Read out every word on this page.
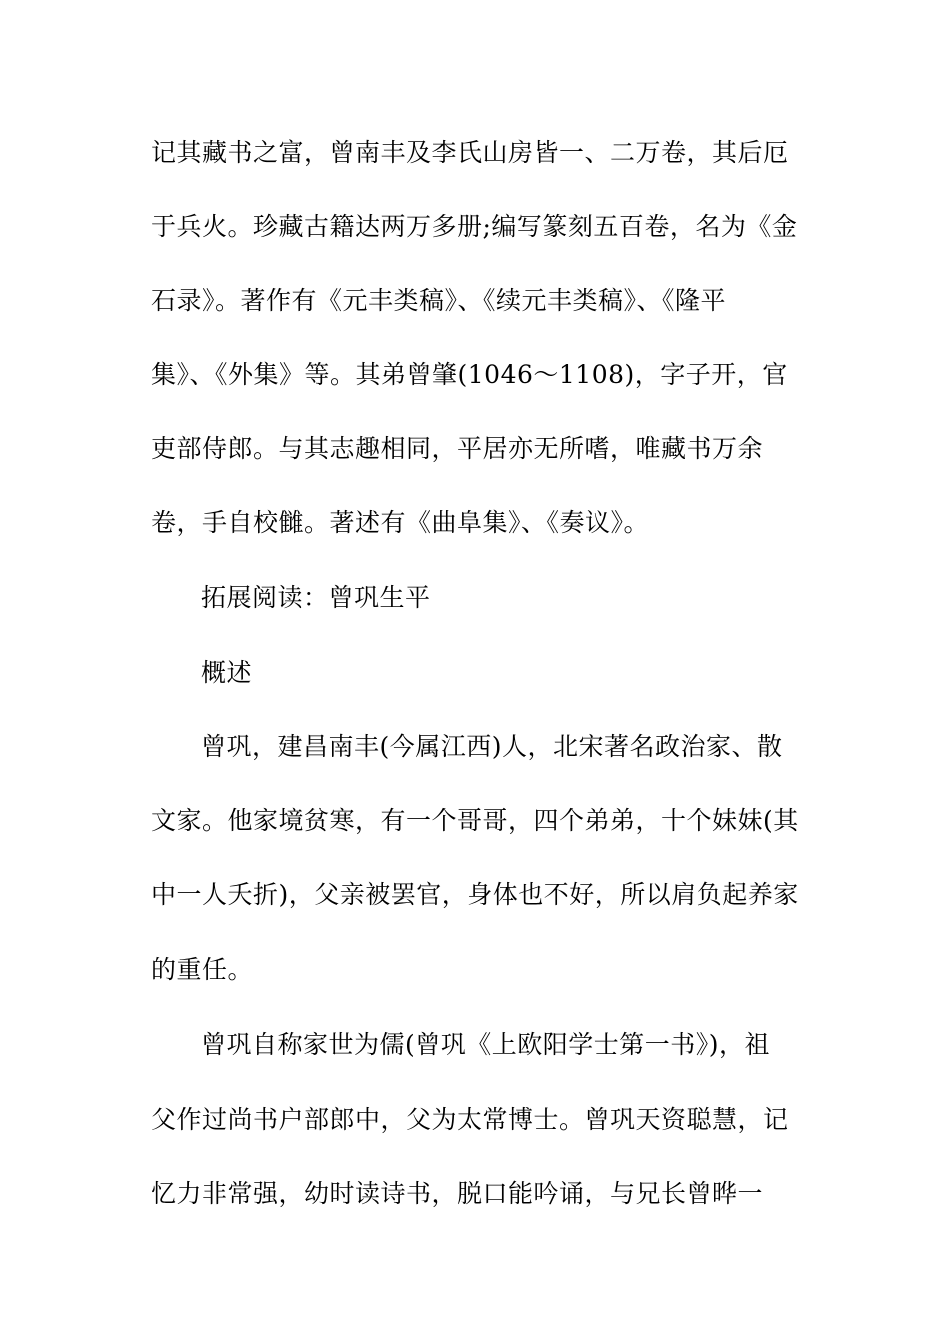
记其藏书之富，曾南丰及李氏山房皆一、二万卷，其后厄
于兵火。珍藏古籍达两万多册;编写篆刻五百卷，名为《金
石录》。著作有《元丰类稿》、《续元丰类稿》、《隆平
集》、《外集》等。其弟曾肇(1046～1108)，字子开，官
吏部侍郎。与其志趣相同，平居亦无所嗜，唯藏书万余
卷，手自校雠。著述有《曲阜集》、《奏议》。
拓展阅读：曾巩生平
概述
曾巩，建昌南丰(今属江西)人，北宋著名政治家、散
文家。他家境贫寒，有一个哥哥，四个弟弟，十个妹妹(其
中一人夭折)，父亲被罢官，身体也不好，所以肩负起养家
的重任。
曾巩自称家世为儒(曾巩《上欧阳学士第一书》)，祖
父作过尚书户部郎中，父为太常博士。曾巩天资聪慧，记
忆力非常强，幼时读诗书，脱口能吟诵，与兄长曾晔一
